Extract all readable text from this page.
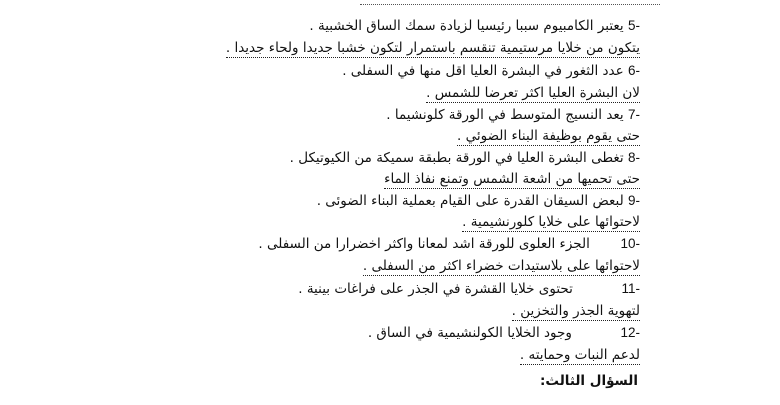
-5 يعتبر الكامبيوم سببا رئيسيا لزيادة سمك الساق الخشبية .
يتكون من خلايا مرستيمية تنقسم باستمرار لتكون خشبا جديدا ولحاء جديدا .
-6 عدد الثغور في البشرة العليا اقل منها في السفلى .
لان البشرة العليا اكثر تعرضا للشمس .
-7 يعد النسيج المتوسط في الورقة كلونشيما .
حتى يقوم بوظيفة البناء الضوئي .
-8 تغطى البشرة العليا في الورقة بطبقة سميكة من الكيوتيكل .
حتى تحميها من اشعة الشمس وتمنع نفاذ الماء
-9 لبعض السيقان القدرة على القيام بعملية البناء الضوئى .
لاحتوائها على خلايا كلورنشيمية .
-10  الجزء العلوى للورقة اشد لمعانا واكثر اخضرارا من السفلى .
لاحتوائها على بلاستيدات خضراء اكثر من السفلى .
-11  تحتوى خلايا القشرة في الجذر على فراغات بينية .
لتهوية الجذر والتخزين .
-12  وجود الخلايا الكولنشيمية في الساق .
لدعم النبات وحمايته .
السؤال الثالث:
